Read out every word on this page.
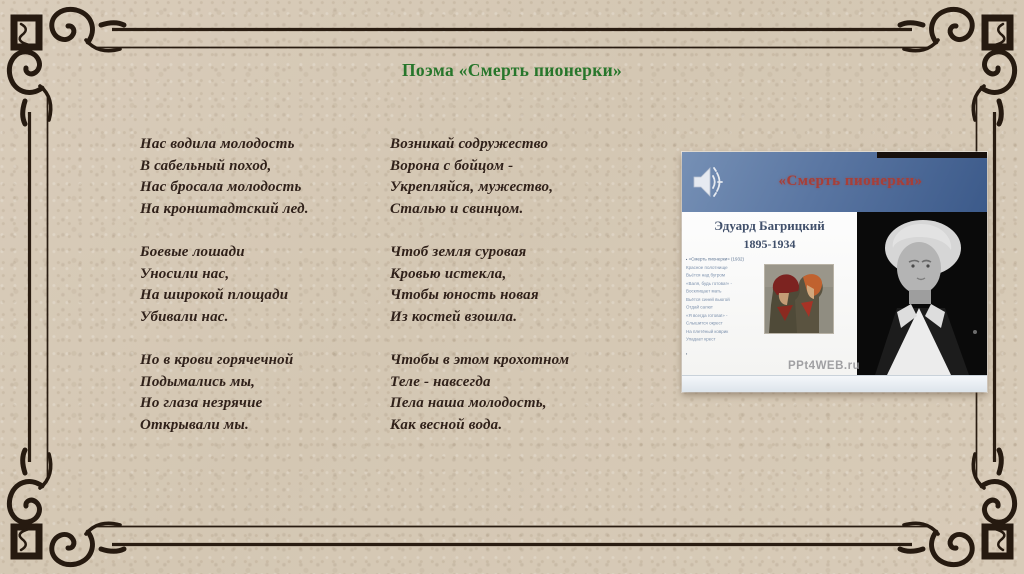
Поэма «Смерть пионерки»
Нас водила молодость
В сабельный поход,
Нас бросала молодость
На кронштадтский лед.
Боевые лошади
Уносили нас,
На широкой площади
Убивали нас.
Но в крови горячечной
Подымались мы,
Но глаза незрячие
Открывали мы.
Возникай содружество
Ворона с бойцом -
Укрепляйся, мужество,
Сталью и свинцом.
Чтоб земля суровая
Кровью истекла,
Чтобы юность новая
Из костей взошла.
Чтобы в этом крохотном
Теле - навсегда
Пела наша молодость,
Как весной вода.
«Смерть пионерки»
Эдуард Багрицкий
1895-1934
▪«Смерть пионерки» (1932)
Красное полотнище
Вьётся над бугром
«Валя, будь готова!» -
Восклицает мать
Вьётся синей вьюгой
Отдай салют
«Я всегда готова!» -
Слышится окрест
На плетёный коврик
Упадает крест
▪
PPt4WEB.ru
